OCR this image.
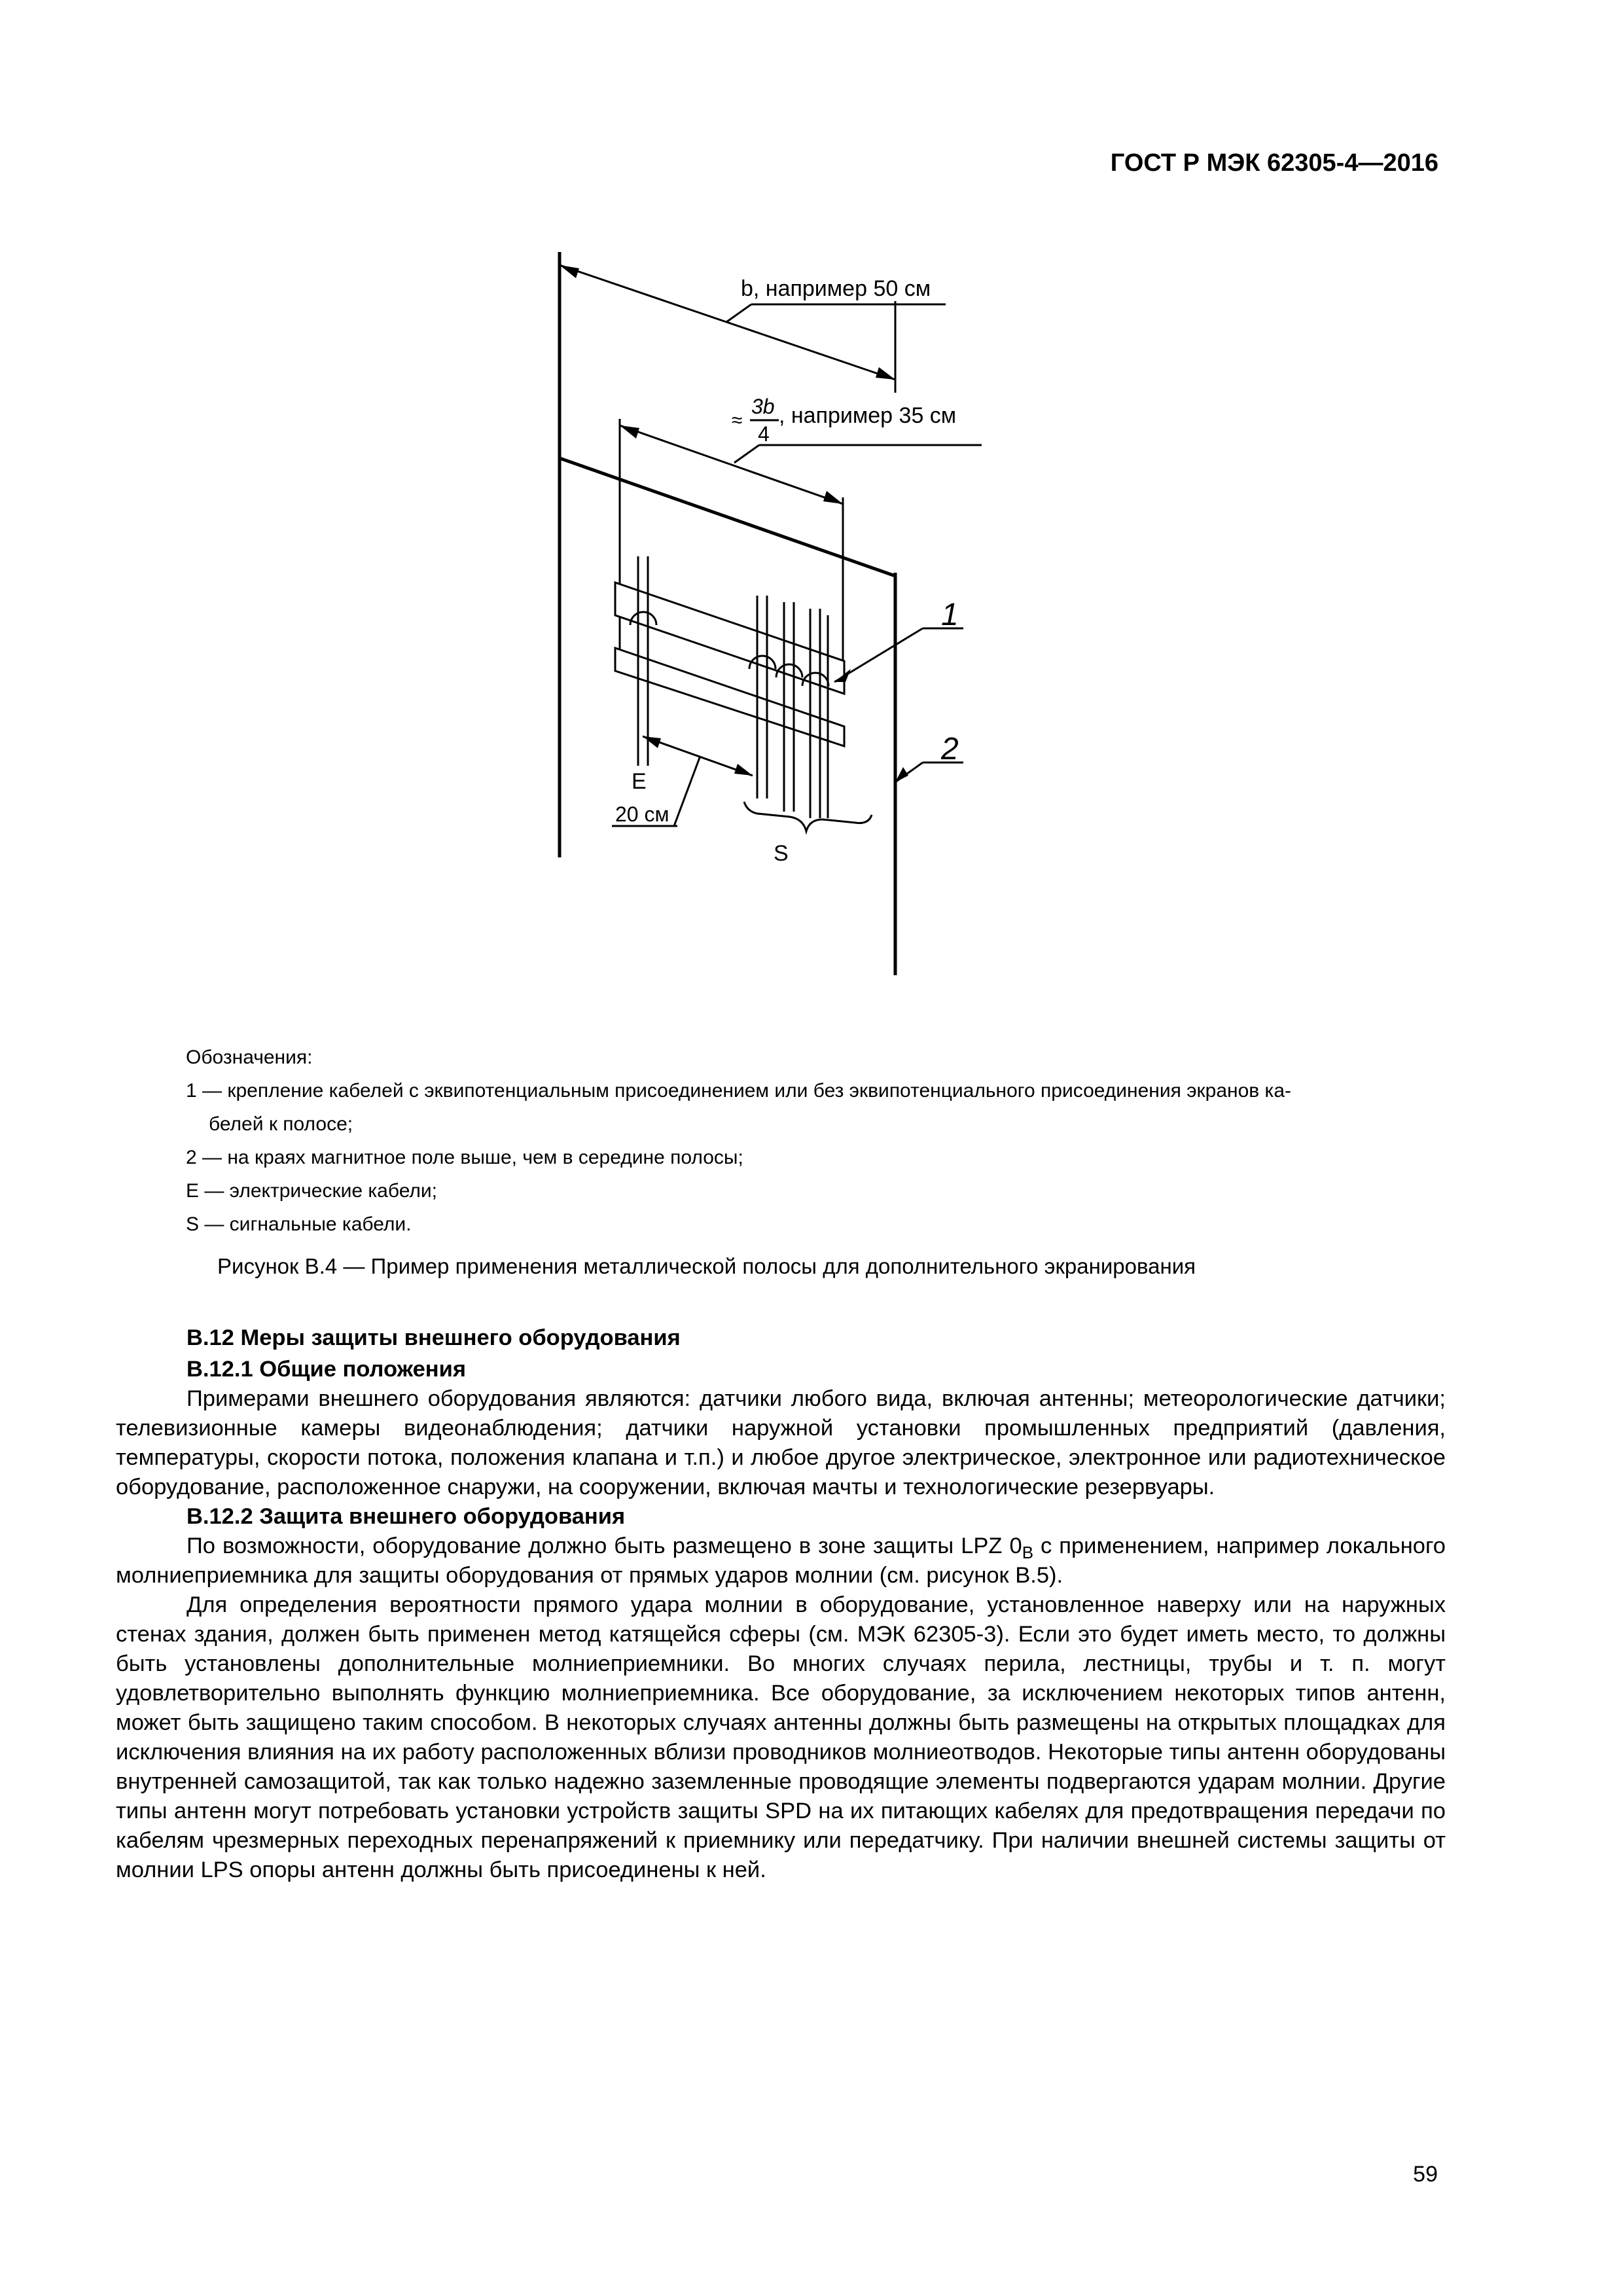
ГОСТ Р МЭК 62305-4—2016
b, например 50 см
≈
3b
4
, например 35 см
1
2
E
20 см
S
Обозначения:
1 — крепление кабелей с эквипотенциальным присоединением или без эквипотенциального присоединения экранов ка-
белей к полосе;
2 — на краях магнитное поле выше, чем в середине полосы;
E — электрические кабели;
S — сигнальные кабели.
Рисунок B.4 — Пример применения металлической полосы для дополнительного экранирования
B.12 Меры защиты внешнего оборудования
B.12.1 Общие положения
Примерами внешнего оборудования являются: датчики любого вида, включая антенны; метеорологические датчики; телевизионные камеры видеонаблюдения; датчики наружной установки промышленных предприятий (давления, температуры, скорости потока, положения клапана и т.п.) и любое другое электрическое, электронное или радиотехническое оборудование, расположенное снаружи, на сооружении, включая мачты и технологические резервуары.
B.12.2 Защита внешнего оборудования
По возможности, оборудование должно быть размещено в зоне защиты LPZ $0_B$ с применением, например локального молниеприемника для защиты оборудования от прямых ударов молнии (см. рисунок B.5).
Для определения вероятности прямого удара молнии в оборудование, установленное наверху или на наружных стенах здания, должен быть применен метод катящейся сферы (см. МЭК 62305-3). Если это будет иметь место, то должны быть установлены дополнительные молниеприемники. Во многих случаях перила, лестницы, трубы и т. п. могут удовлетворительно выполнять функцию молниеприемника. Все оборудование, за исключением некоторых типов антенн, может быть защищено таким способом. В некоторых случаях антенны должны быть размещены на открытых площадках для исключения влияния на их работу расположенных вблизи проводников молниеотводов. Некоторые типы антенн оборудованы внутренней самозащитой, так как только надежно заземленные проводящие элементы подвергаются ударам молнии. Другие типы антенн могут потребовать установки устройств защиты SPD на их питающих кабелях для предотвращения передачи по кабелям чрезмерных переходных перенапряжений к приемнику или передатчику. При наличии внешней системы защиты от молнии LPS опоры антенн должны быть присоединены к ней.
59
